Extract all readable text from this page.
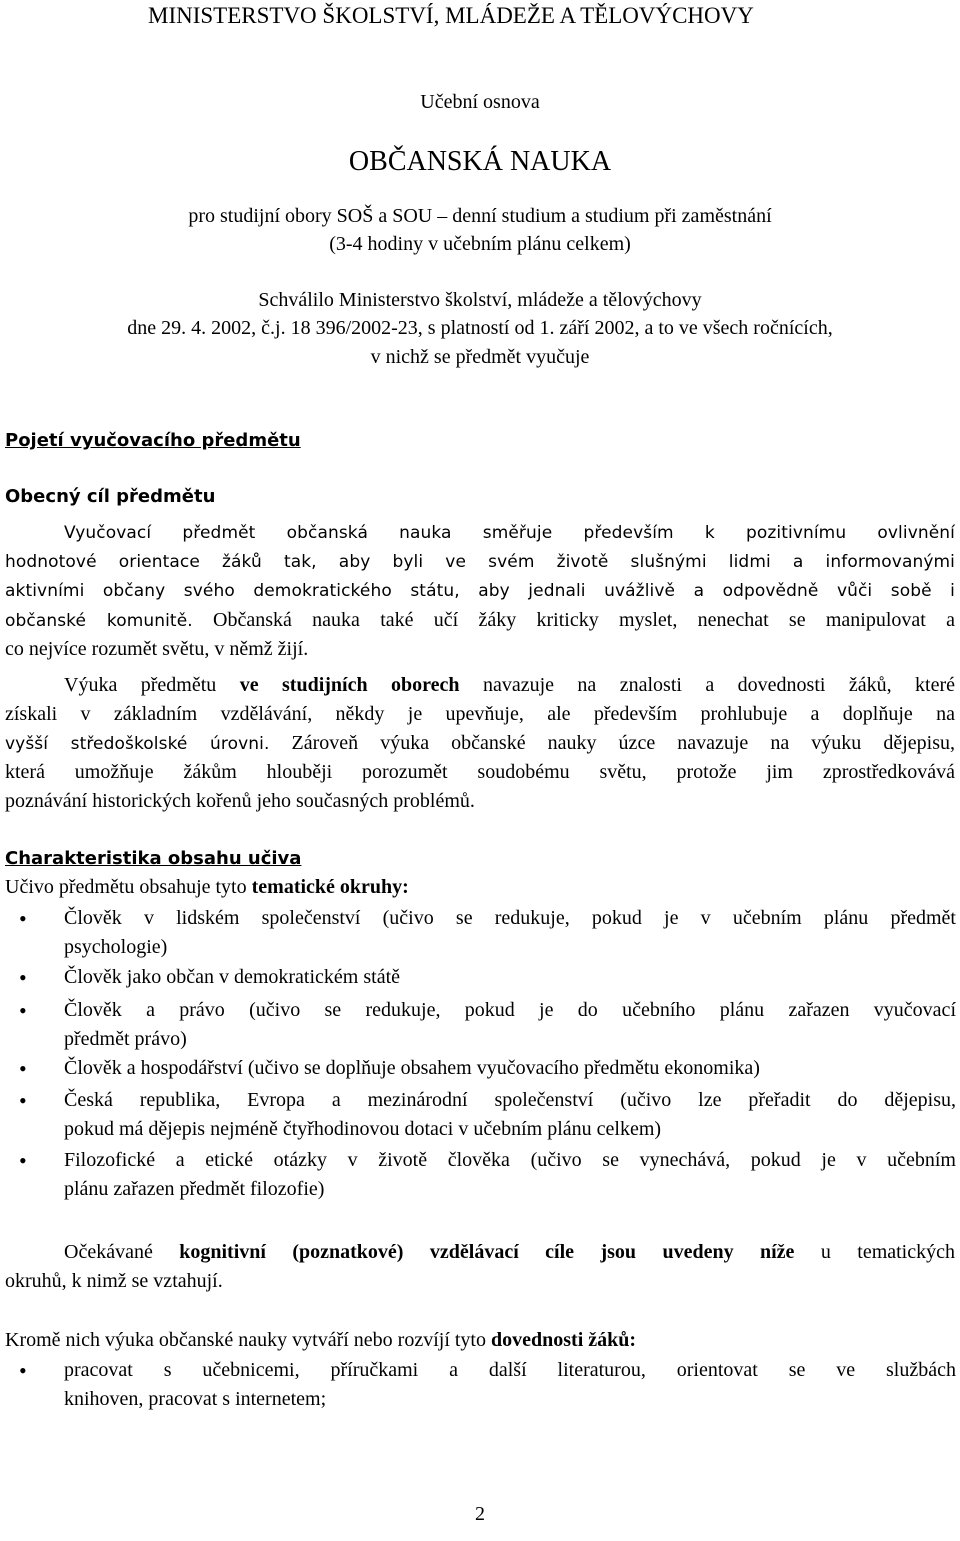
MINISTERSTVO ŠKOLSTVÍ, MLÁDEŽE A TĚLOVÝCHOVY
Učební osnova
OBČANSKÁ NAUKA
pro studijní obory SOŠ a SOU – denní studium a studium při zaměstnání
(3-4 hodiny v učebním plánu celkem)
Schválilo Ministerstvo školství, mládeže a tělovýchovy
dne 29. 4. 2002, č.j. 18 396/2002-23, s platností od 1. září 2002, a to ve všech ročnících,
v nichž se předmět vyučuje
Pojetí vyučovacího předmětu
Obecný cíl předmětu
Vyučovací předmět občanská nauka směřuje především k pozitivnímu ovlivnění
hodnotové orientace žáků tak, aby byli ve svém životě slušnými lidmi a informovanými
aktivními občany svého demokratického státu, aby jednali uvážlivě a odpovědně vůči sobě i
občanské komunitě. Občanská nauka také učí žáky kriticky myslet, nenechat se manipulovat a
co nejvíce rozumět světu, v němž žijí.
Výuka předmětu ve studijních oborech navazuje na znalosti a dovednosti žáků, které
získali v základním vzdělávání, někdy je upevňuje, ale především prohlubuje a doplňuje na
vyšší středoškolské úrovni. Zároveň výuka občanské nauky úzce navazuje na výuku dějepisu,
která umožňuje žákům hlouběji porozumět soudobému světu, protože jim zprostředkovává
poznávání historických kořenů jeho současných problémů.
Charakteristika obsahu učiva
Učivo předmětu obsahuje tyto tematické okruhy:
• Člověk v lidském společenství (učivo se redukuje, pokud je v učebním plánu předmět
psychologie)
• Člověk jako občan v demokratickém státě
• Člověk a právo (učivo se redukuje, pokud je do učebního plánu zařazen vyučovací
předmět právo)
• Člověk a hospodářství (učivo se doplňuje obsahem vyučovacího předmětu ekonomika)
• Česká republika, Evropa a mezinárodní společenství (učivo lze přeřadit do dějepisu,
pokud má dějepis nejméně čtyřhodinovou dotaci v učebním plánu celkem)
• Filozofické a etické otázky v životě člověka (učivo se vynechává, pokud je v učebním
plánu zařazen předmět filozofie)
Očekávané kognitivní (poznatkové) vzdělávací cíle jsou uvedeny níže u tematických
okruhů, k nimž se vztahují.
Kromě nich výuka občanské nauky vytváří nebo rozvíjí tyto dovednosti žáků:
• pracovat s učebnicemi, příručkami a další literaturou, orientovat se ve službách
knihoven, pracovat s internetem;
2
